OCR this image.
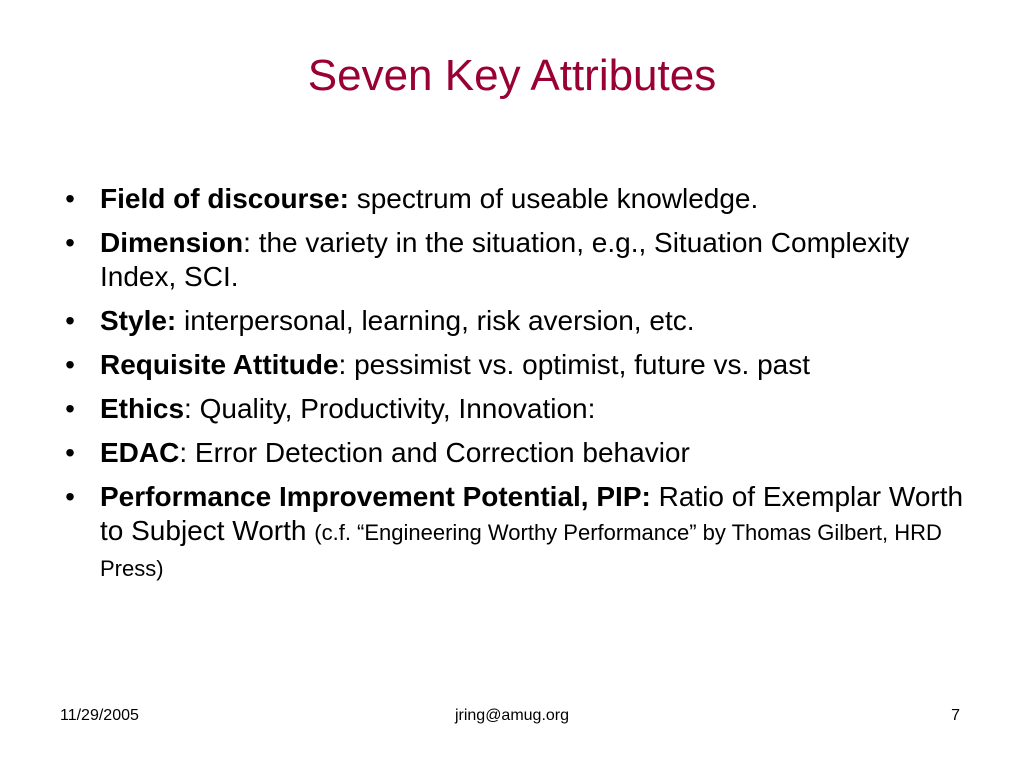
Seven Key Attributes
• Field of discourse: spectrum of useable knowledge.
• Dimension: the variety in the situation, e.g., Situation Complexity Index, SCI.
• Style: interpersonal, learning, risk aversion, etc.
• Requisite Attitude: pessimist vs. optimist, future vs. past
• Ethics: Quality, Productivity, Innovation:
• EDAC: Error Detection and Correction behavior
• Performance Improvement Potential, PIP: Ratio of Exemplar Worth to Subject Worth (c.f. “Engineering Worthy Performance” by Thomas Gilbert, HRD Press)
11/29/2005	jring@amug.org	7
